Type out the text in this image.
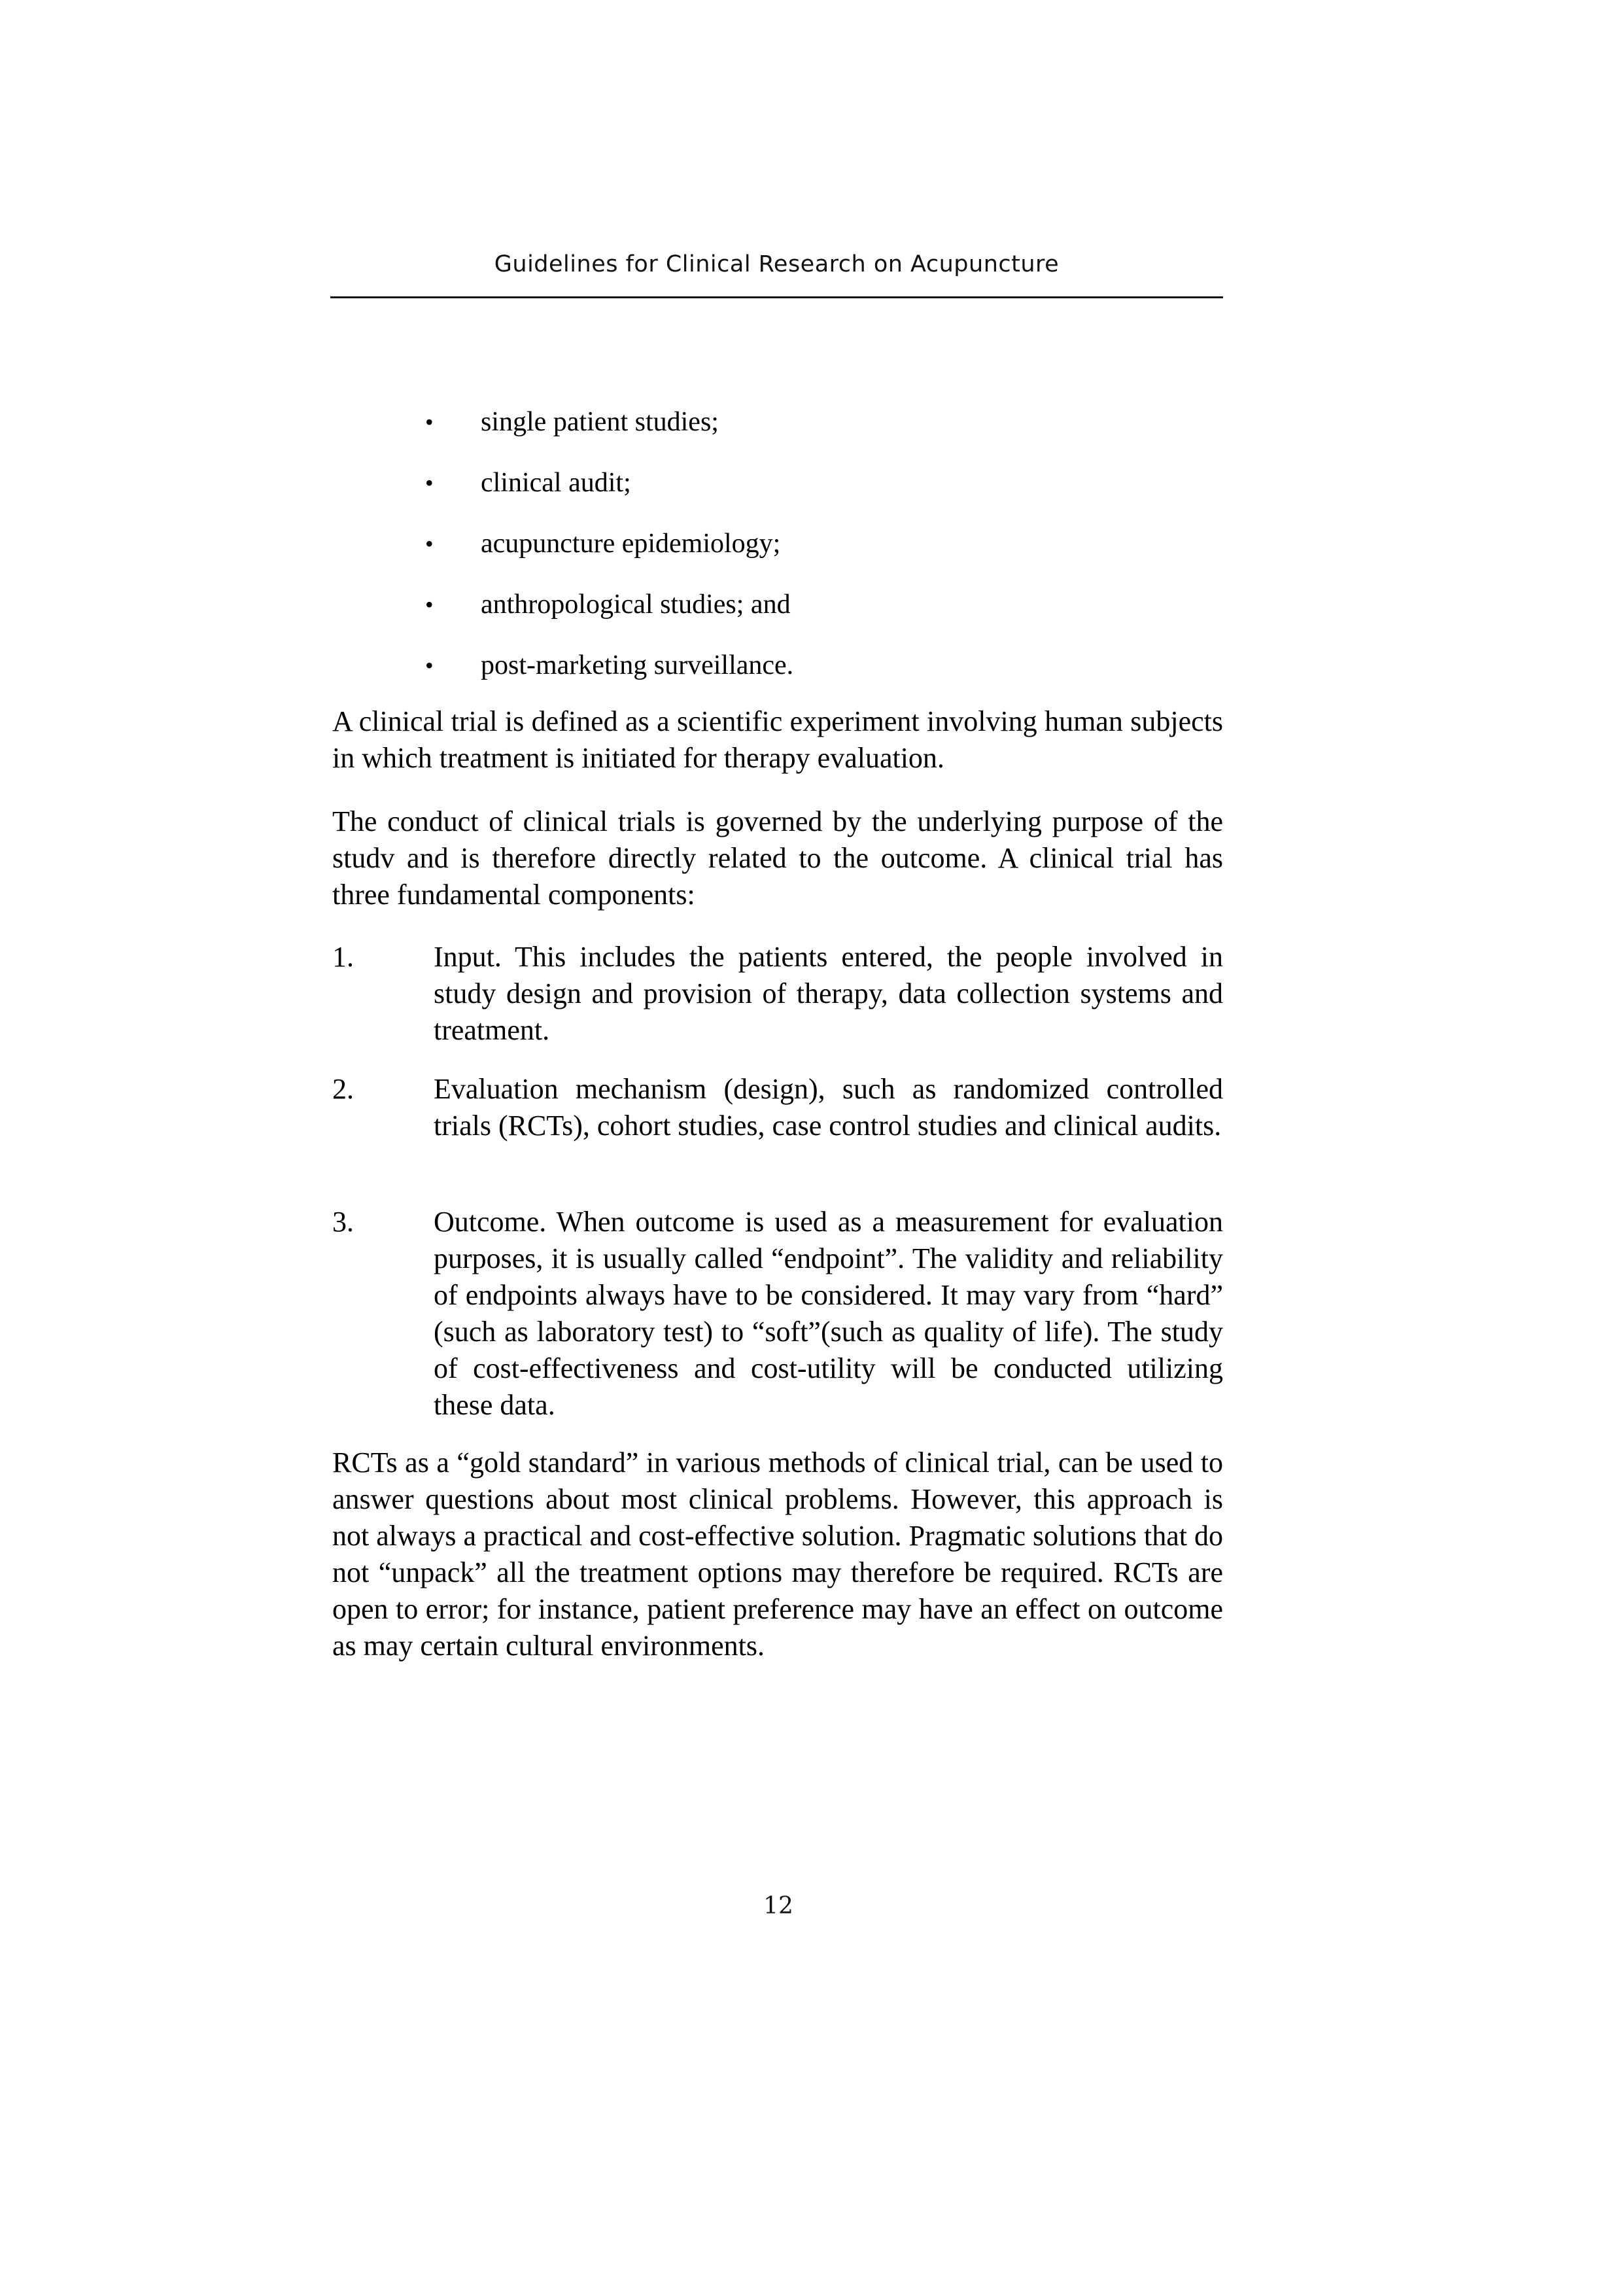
Guidelines for Clinical Research on Acupuncture
• single patient studies;
• clinical audit;
• acupuncture epidemiology;
• anthropological studies; and
• post-marketing surveillance.

A clinical trial is defined as a scientific experiment involving human subjects in which treatment is initiated for therapy evaluation.

The conduct of clinical trials is governed by the underlying purpose of the studv and is therefore directly related to the outcome. A clinical trial has three fundamental components:

1.	Input. This includes the patients entered, the people involved in study design and provision of therapy, data collection systems and treatment.
2.	Evaluation mechanism (design), such as randomized controlled trials (RCTs), cohort studies, case control studies and clinical audits.
3.	Outcome. When outcome is used as a measurement for evaluation purposes, it is usually called “endpoint”. The validity and reliability of endpoints always have to be considered. It may vary from “hard” (such as laboratory test) to “soft”(such as quality of life). The study of cost-effectiveness and cost-utility will be conducted utilizing these data.

RCTs as a “gold standard” in various methods of clinical trial, can be used to answer questions about most clinical problems. However, this approach is not always a practical and cost-effective solution. Pragmatic solutions that do not “unpack” all the treatment options may therefore be required. RCTs are open to error; for instance, patient preference may have an effect on outcome as may certain cultural environments.

12
